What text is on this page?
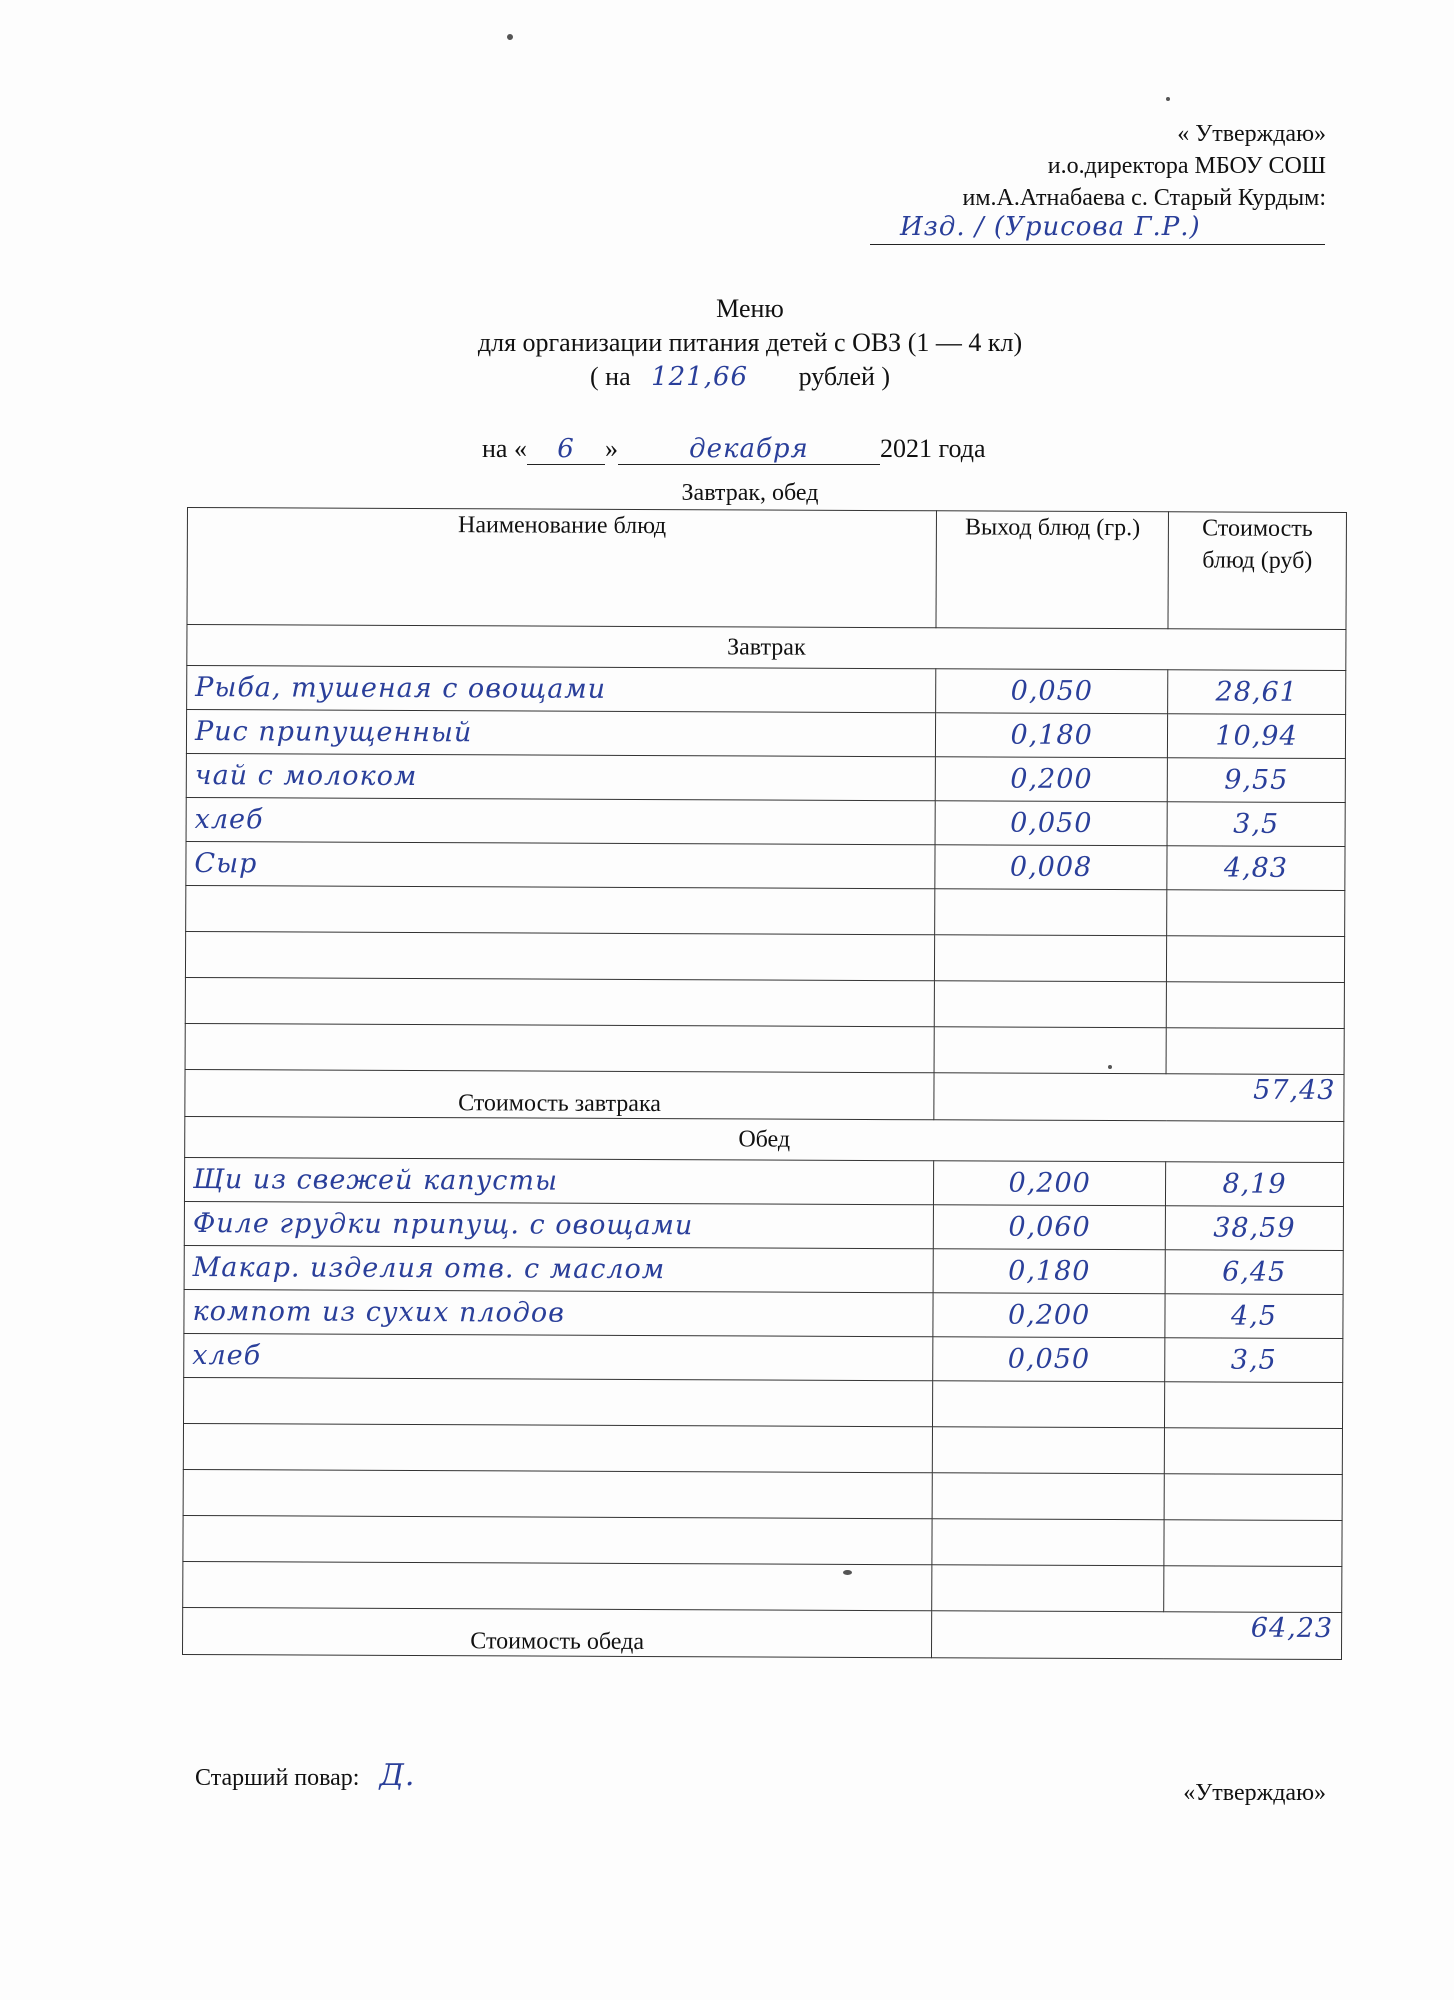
« Утверждаю»
и.о.директора МБОУ СОШ
им.А.Атнабаева с. Старый Курдым:
Изд. / (Урисова Г.Р.)
Меню
для организации питания детей с ОВЗ (1 — 4 кл)
( на 121,66 рублей )
на « 6 »	декабря	2021 года
Завтрак, обед
Наименование блюд	Выход блюд (гр.)	Стоимость блюд (руб)
Завтрак		
Рыба, тушеная с овощами	0,050	28,61
Рис припущенный	0,180	10,94
чай с молоком	0,200	9,55
хлеб	0,050	3,5
Сыр	0,008	4,83

Стоимость завтрака	57,43	
Обед		
Щи из свежей капусты	0,200	8,19
Филе грудки припущ. с овощами	0,060	38,59
Макар. изделия отв. с маслом	0,180	6,45
компот из сухих плодов	0,200	4,5
хлеб	0,050	3,5

Стоимость обеда	64,23	
Старший повар: Д.	«Утверждаю»
